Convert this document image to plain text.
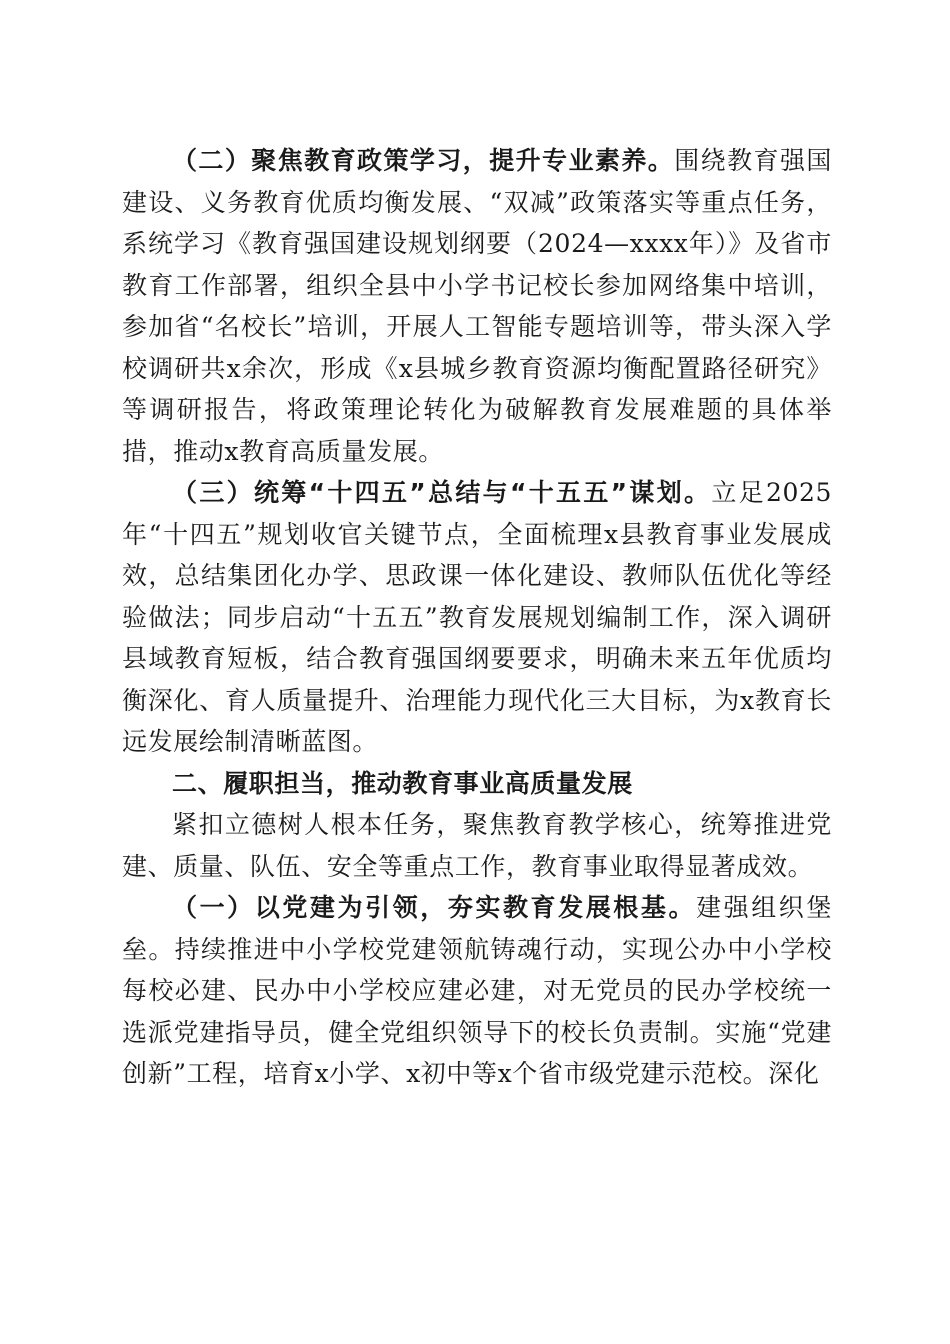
（二）聚焦教育政策学习，提升专业素养。围绕教育强国建设、义务教育优质均衡发展、“双减”政策落实等重点任务，系统学习《教育强国建设规划纲要（2024—xxxx年）》及省市教育工作部署，组织全县中小学书记校长参加网络集中培训，参加省“名校长”培训，开展人工智能专题培训等，带头深入学校调研共x余次，形成《x县城乡教育资源均衡配置路径研究》等调研报告，将政策理论转化为破解教育发展难题的具体举措，推动x教育高质量发展。

（三）统筹“十四五”总结与“十五五”谋划。立足2025年“十四五”规划收官关键节点，全面梳理x县教育事业发展成效，总结集团化办学、思政课一体化建设、教师队伍优化等经验做法；同步启动“十五五”教育发展规划编制工作，深入调研县域教育短板，结合教育强国纲要要求，明确未来五年优质均衡深化、育人质量提升、治理能力现代化三大目标，为x教育长远发展绘制清晰蓝图。

二、履职担当，推动教育事业高质量发展

紧扣立德树人根本任务，聚焦教育教学核心，统筹推进党建、质量、队伍、安全等重点工作，教育事业取得显著成效。

（一）以党建为引领，夯实教育发展根基。建强组织堡垒。持续推进中小学校党建领航铸魂行动，实现公办中小学校每校必建、民办中小学校应建必建，对无党员的民办学校统一选派党建指导员，健全党组织领导下的校长负责制。实施“党建创新”工程，培育x小学、x初中等x个省市级党建示范校。深化
